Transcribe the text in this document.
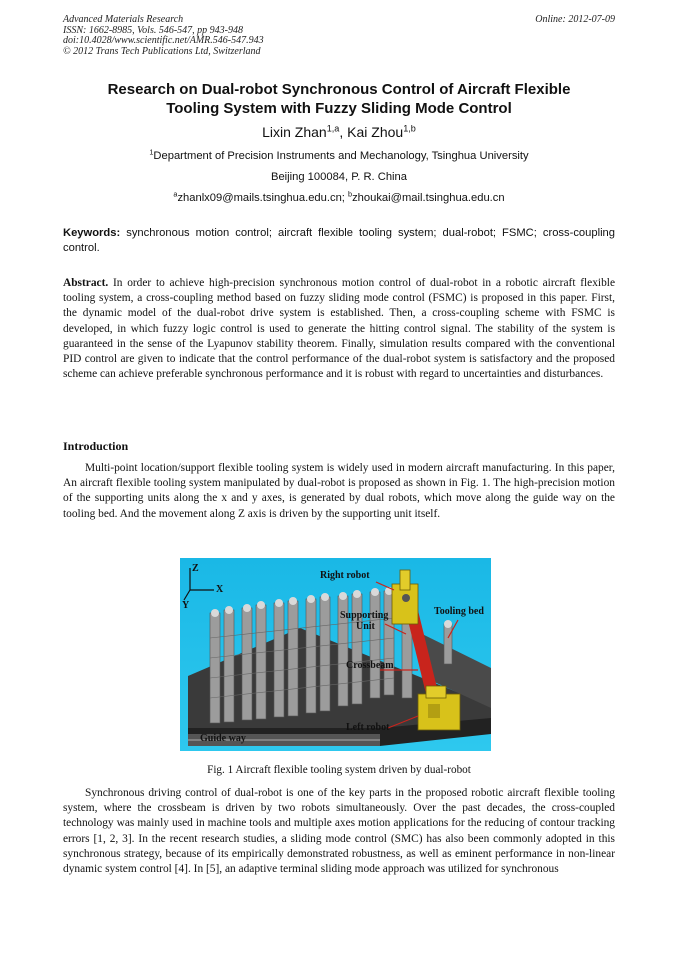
Advanced Materials Research
ISSN: 1662-8985, Vols. 546-547, pp 943-948
doi:10.4028/www.scientific.net/AMR.546-547.943
© 2012 Trans Tech Publications Ltd, Switzerland
Online: 2012-07-09
Research on Dual-robot Synchronous Control of Aircraft Flexible
Tooling System with Fuzzy Sliding Mode Control
Lixin Zhan$^{1,a}$, Kai Zhou$^{1,b}$
$^1$Department of Precision Instruments and Mechanology, Tsinghua University
Beijing 100084, P. R. China
$^a$zhanlx09@mails.tsinghua.edu.cn; $^b$zhoukai@mail.tsinghua.edu.cn
Keywords: synchronous motion control; aircraft flexible tooling system; dual-robot; FSMC; cross-coupling control.
Abstract. In order to achieve high-precision synchronous motion control of dual-robot in a robotic aircraft flexible tooling system, a cross-coupling method based on fuzzy sliding mode control (FSMC) is proposed in this paper. First, the dynamic model of the dual-robot drive system is established. Then, a cross-coupling scheme with FSMC is developed, in which fuzzy logic control is used to generate the hitting control signal. The stability of the system is guaranteed in the sense of the Lyapunov stability theorem. Finally, simulation results compared with the conventional PID control are given to indicate that the control performance of the dual-robot system is satisfactory and the proposed scheme can achieve preferable synchronous performance and it is robust with regard to uncertainties and disturbances.
Introduction
Multi-point location/support flexible tooling system is widely used in modern aircraft manufacturing. In this paper, An aircraft flexible tooling system manipulated by dual-robot is proposed as shown in Fig. 1. The high-precision motion of the supporting units along the x and y axes, is generated by dual robots, which move along the guide way on the tooling bed. And the movement along Z axis is driven by the supporting unit itself.
Z
X
Y
Right robot
Supporting
Unit
Tooling bed
Crossbeam
Left robot
Guide way
Fig. 1 Aircraft flexible tooling system driven by dual-robot
Synchronous driving control of dual-robot is one of the key parts in the proposed robotic aircraft flexible tooling system, where the crossbeam is driven by two robots simultaneously. Over the past decades, the cross-coupled technology was mainly used in machine tools and multiple axes motion applications for the reducing of contour tracking errors [1, 2, 3]. In the recent research studies, a sliding mode control (SMC) has also been commonly adopted in this synchronous strategy, because of its empirically demonstrated robustness, as well as eminent performance in non-linear dynamic system control [4]. In [5], an adaptive terminal sliding mode approach was utilized for synchronous
